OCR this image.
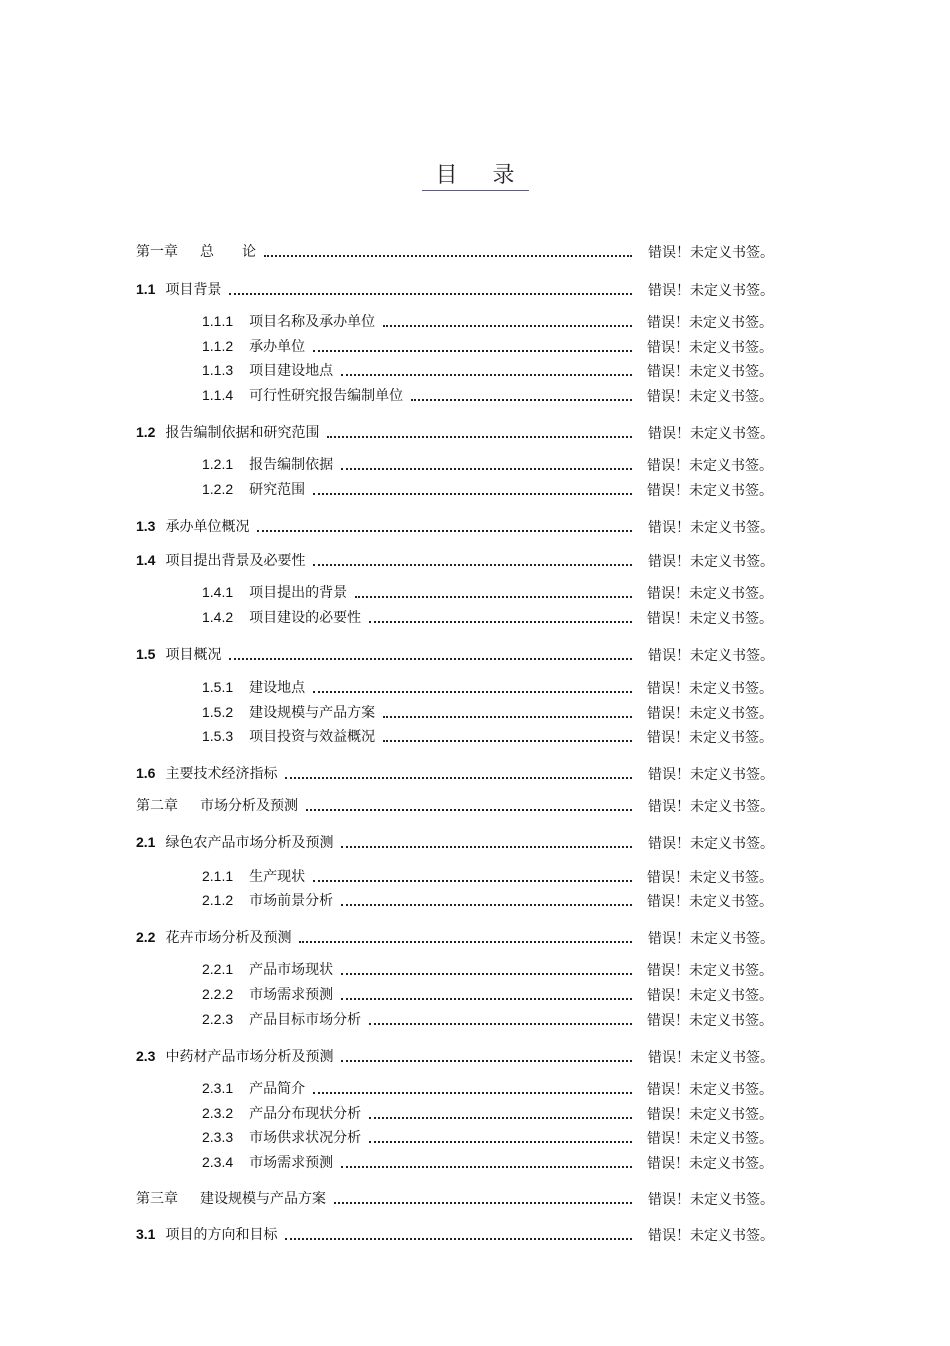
目 录
第一章 总　　论	错误！未定义书签。
1.1 项目背景	错误！未定义书签。
1.1.1 项目名称及承办单位	错误！未定义书签。
1.1.2 承办单位	错误！未定义书签。
1.1.3 项目建设地点	错误！未定义书签。
1.1.4 可行性研究报告编制单位	错误！未定义书签。
1.2 报告编制依据和研究范围	错误！未定义书签。
1.2.1 报告编制依据	错误！未定义书签。
1.2.2 研究范围	错误！未定义书签。
1.3 承办单位概况	错误！未定义书签。
1.4 项目提出背景及必要性	错误！未定义书签。
1.4.1 项目提出的背景	错误！未定义书签。
1.4.2 项目建设的必要性	错误！未定义书签。
1.5 项目概况	错误！未定义书签。
1.5.1 建设地点	错误！未定义书签。
1.5.2 建设规模与产品方案	错误！未定义书签。
1.5.3 项目投资与效益概况	错误！未定义书签。
1.6 主要技术经济指标	错误！未定义书签。
第二章 市场分析及预测	错误！未定义书签。
2.1 绿色农产品市场分析及预测	错误！未定义书签。
2.1.1 生产现状	错误！未定义书签。
2.1.2 市场前景分析	错误！未定义书签。
2.2 花卉市场分析及预测	错误！未定义书签。
2.2.1 产品市场现状	错误！未定义书签。
2.2.2 市场需求预测	错误！未定义书签。
2.2.3 产品目标市场分析	错误！未定义书签。
2.3 中药材产品市场分析及预测	错误！未定义书签。
2.3.1 产品简介	错误！未定义书签。
2.3.2 产品分布现状分析	错误！未定义书签。
2.3.3 市场供求状况分析	错误！未定义书签。
2.3.4 市场需求预测	错误！未定义书签。
第三章 建设规模与产品方案	错误！未定义书签。
3.1 项目的方向和目标	错误！未定义书签。
